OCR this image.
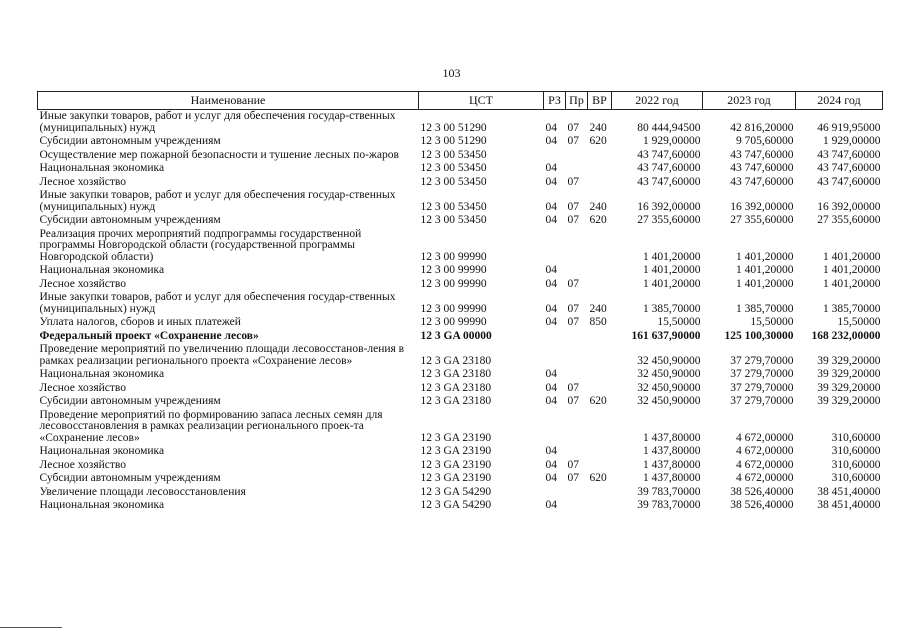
103
Наименование	ЦСТ	РЗ	Пр	ВР	2022 год	2023 год	2024 год
Иные закупки товаров, работ и услуг для обеспечения государ-ственных (муниципальных) нужд	12 3 00 51290	04	07	240	80 444,94500	42 816,20000	46 919,95000
Субсидии автономным учреждениям	12 3 00 51290	04	07	620	1 929,00000	9 705,60000	1 929,00000
Осуществление мер пожарной безопасности и тушение лесных по-жаров	12 3 00 53450				43 747,60000	43 747,60000	43 747,60000
Национальная экономика	12 3 00 53450	04			43 747,60000	43 747,60000	43 747,60000
Лесное хозяйство	12 3 00 53450	04	07		43 747,60000	43 747,60000	43 747,60000
Иные закупки товаров, работ и услуг для обеспечения государ-ственных (муниципальных) нужд	12 3 00 53450	04	07	240	16 392,00000	16 392,00000	16 392,00000
Субсидии автономным учреждениям	12 3 00 53450	04	07	620	27 355,60000	27 355,60000	27 355,60000
Реализация прочих мероприятий подпрограммы государственной программы Новгородской области (государственной программы Новгородской области)	12 3 00 99990				1 401,20000	1 401,20000	1 401,20000
Национальная экономика	12 3 00 99990	04			1 401,20000	1 401,20000	1 401,20000
Лесное хозяйство	12 3 00 99990	04	07		1 401,20000	1 401,20000	1 401,20000
Иные закупки товаров, работ и услуг для обеспечения государ-ственных (муниципальных) нужд	12 3 00 99990	04	07	240	1 385,70000	1 385,70000	1 385,70000
Уплата налогов, сборов и иных платежей	12 3 00 99990	04	07	850	15,50000	15,50000	15,50000
Федеральный проект «Сохранение лесов»	12 3 GA 00000				161 637,90000	125 100,30000	168 232,00000
Проведение мероприятий по увеличению площади лесовосстанов-ления в рамках реализации регионального проекта «Сохранение лесов»	12 3 GA 23180				32 450,90000	37 279,70000	39 329,20000
Национальная экономика	12 3 GA 23180	04			32 450,90000	37 279,70000	39 329,20000
Лесное хозяйство	12 3 GA 23180	04	07		32 450,90000	37 279,70000	39 329,20000
Субсидии автономным учреждениям	12 3 GA 23180	04	07	620	32 450,90000	37 279,70000	39 329,20000
Проведение мероприятий по формированию запаса лесных семян для лесовосстановления в рамках реализации регионального проек-та «Сохранение лесов»	12 3 GA 23190				1 437,80000	4 672,00000	310,60000
Национальная экономика	12 3 GA 23190	04			1 437,80000	4 672,00000	310,60000
Лесное хозяйство	12 3 GA 23190	04	07		1 437,80000	4 672,00000	310,60000
Субсидии автономным учреждениям	12 3 GA 23190	04	07	620	1 437,80000	4 672,00000	310,60000
Увеличение площади лесовосстановления	12 3 GA 54290				39 783,70000	38 526,40000	38 451,40000
Национальная экономика	12 3 GA 54290	04			39 783,70000	38 526,40000	38 451,40000
